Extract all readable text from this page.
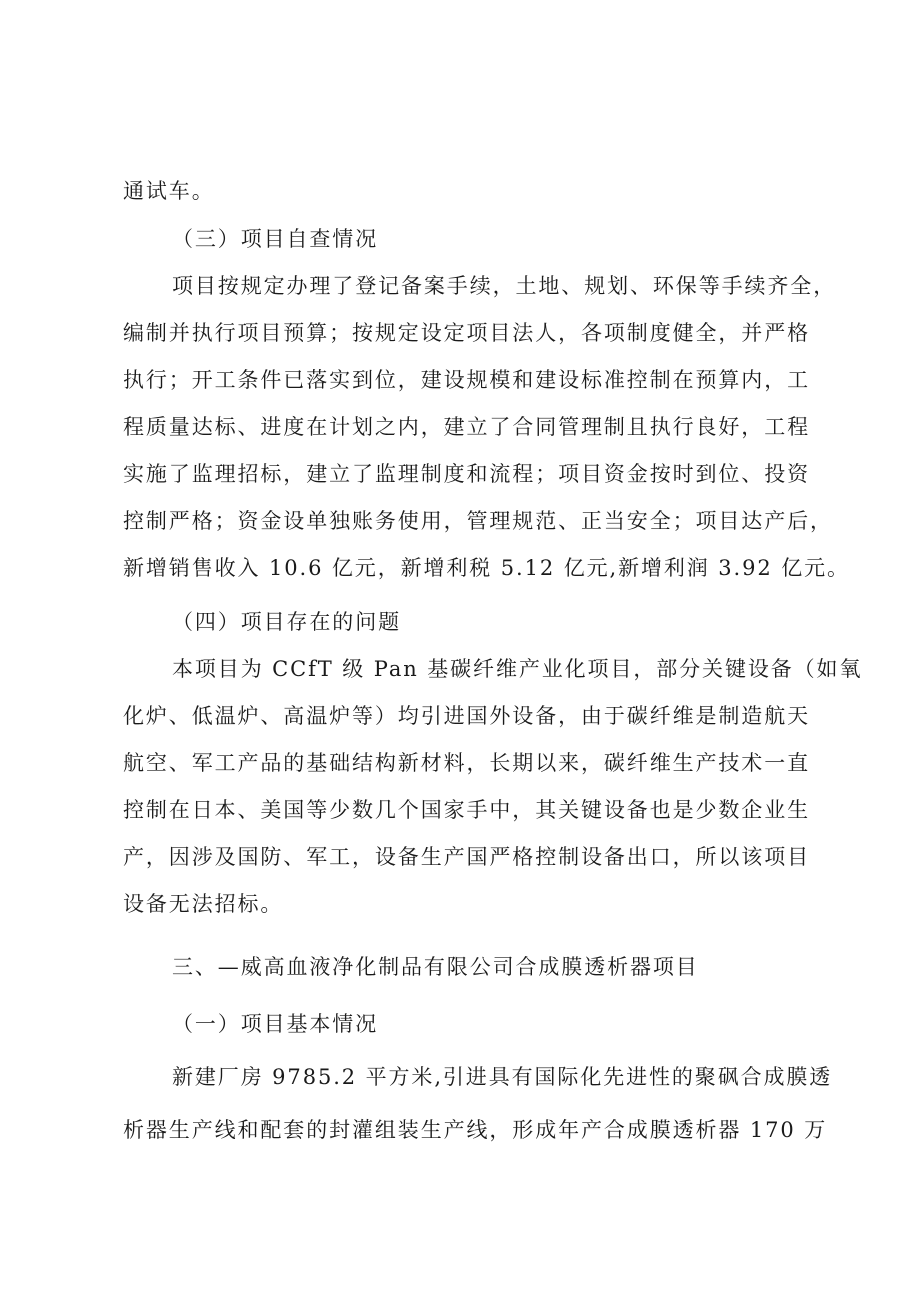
通试车。
（三）项目自查情况
项目按规定办理了登记备案手续，土地、规划、环保等手续齐全，
编制并执行项目预算；按规定设定项目法人，各项制度健全，并严格
执行；开工条件已落实到位，建设规模和建设标准控制在预算内，工
程质量达标、进度在计划之内，建立了合同管理制且执行良好，工程
实施了监理招标，建立了监理制度和流程；项目资金按时到位、投资
控制严格；资金设单独账务使用，管理规范、正当安全；项目达产后，
新增销售收入 10.6 亿元，新增利税 5.12 亿元,新增利润 3.92 亿元。
（四）项目存在的问题
本项目为 CCfT 级 Pan 基碳纤维产业化项目，部分关键设备（如氧
化炉、低温炉、高温炉等）均引进国外设备，由于碳纤维是制造航天
航空、军工产品的基础结构新材料，长期以来，碳纤维生产技术一直
控制在日本、美国等少数几个国家手中，其关键设备也是少数企业生
产，因涉及国防、军工，设备生产国严格控制设备出口，所以该项目
设备无法招标。
三、—威高血液净化制品有限公司合成膜透析器项目
（一）项目基本情况
新建厂房 9785.2 平方米,引进具有国际化先进性的聚砜合成膜透
析器生产线和配套的封灌组装生产线，形成年产合成膜透析器 170 万
